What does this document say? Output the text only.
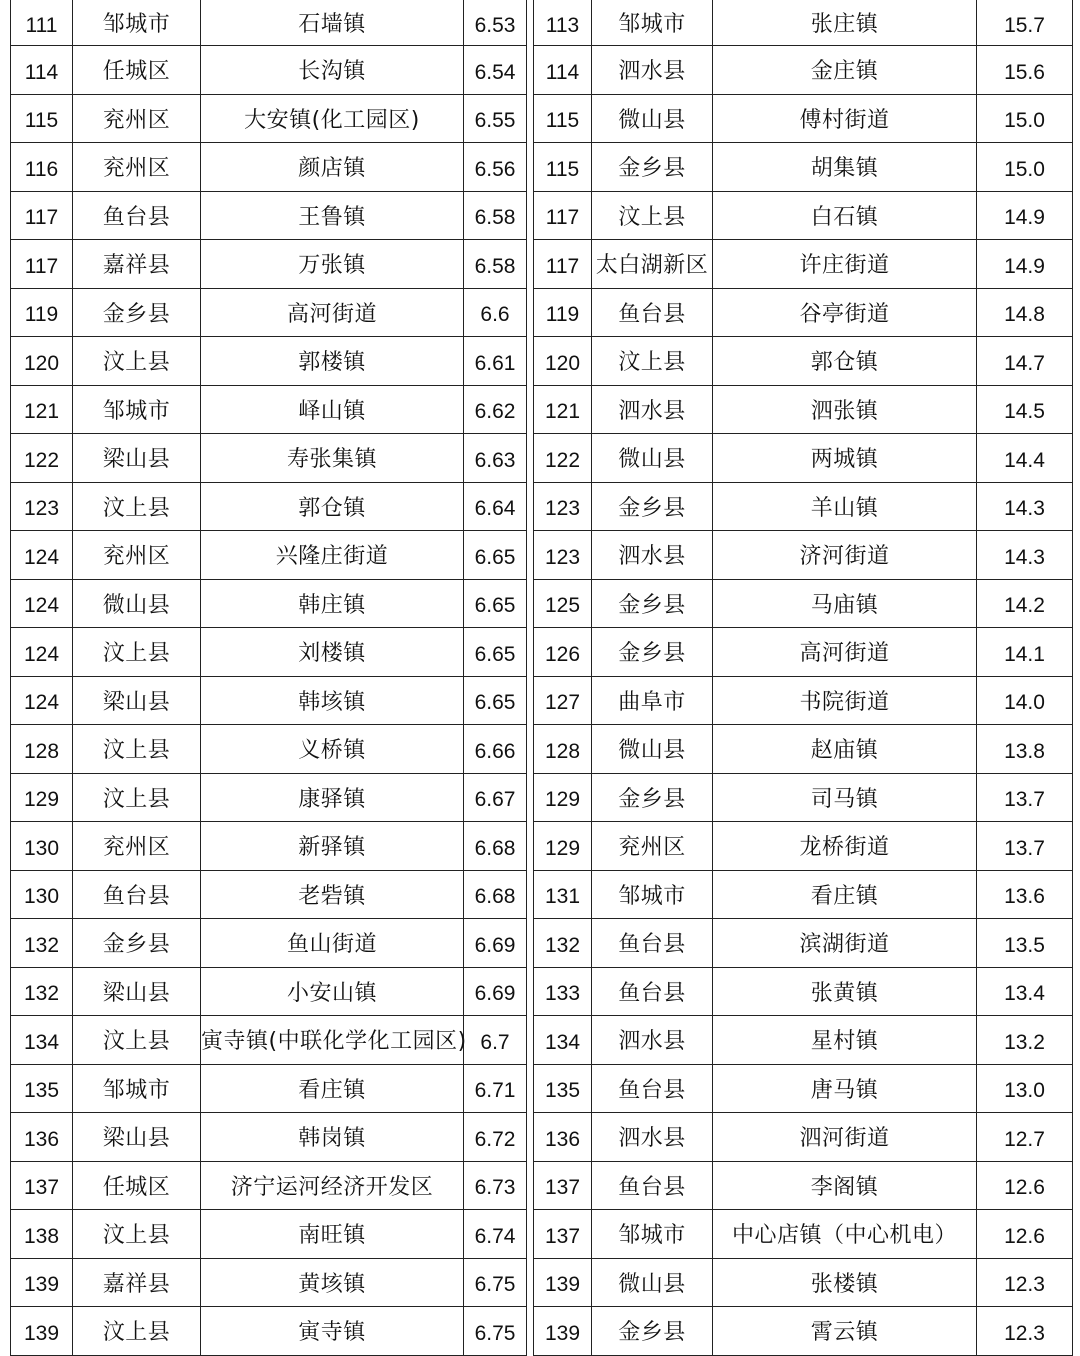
111	邹城市	石墙镇	6.53
114	任城区	长沟镇	6.54
115	兖州区	大安镇(化工园区)	6.55
116	兖州区	颜店镇	6.56
117	鱼台县	王鲁镇	6.58
117	嘉祥县	万张镇	6.58
119	金乡县	高河街道	6.6
120	汶上县	郭楼镇	6.61
121	邹城市	峄山镇	6.62
122	梁山县	寿张集镇	6.63
123	汶上县	郭仓镇	6.64
124	兖州区	兴隆庄街道	6.65
124	微山县	韩庄镇	6.65
124	汶上县	刘楼镇	6.65
124	梁山县	韩垓镇	6.65
128	汶上县	义桥镇	6.66
129	汶上县	康驿镇	6.67
130	兖州区	新驿镇	6.68
130	鱼台县	老砦镇	6.68
132	金乡县	鱼山街道	6.69
132	梁山县	小安山镇	6.69
134	汶上县	寅寺镇(中联化学化工园区)	6.7
135	邹城市	看庄镇	6.71
136	梁山县	韩岗镇	6.72
137	任城区	济宁运河经济开发区	6.73
138	汶上县	南旺镇	6.74
139	嘉祥县	黄垓镇	6.75
139	汶上县	寅寺镇	6.75
113	邹城市	张庄镇	15.7
114	泗水县	金庄镇	15.6
115	微山县	傅村街道	15.0
115	金乡县	胡集镇	15.0
117	汶上县	白石镇	14.9
117	太白湖新区	许庄街道	14.9
119	鱼台县	谷亭街道	14.8
120	汶上县	郭仓镇	14.7
121	泗水县	泗张镇	14.5
122	微山县	两城镇	14.4
123	金乡县	羊山镇	14.3
123	泗水县	济河街道	14.3
125	金乡县	马庙镇	14.2
126	金乡县	高河街道	14.1
127	曲阜市	书院街道	14.0
128	微山县	赵庙镇	13.8
129	金乡县	司马镇	13.7
129	兖州区	龙桥街道	13.7
131	邹城市	看庄镇	13.6
132	鱼台县	滨湖街道	13.5
133	鱼台县	张黄镇	13.4
134	泗水县	星村镇	13.2
135	鱼台县	唐马镇	13.0
136	泗水县	泗河街道	12.7
137	鱼台县	李阁镇	12.6
137	邹城市	中心店镇（中心机电）	12.6
139	微山县	张楼镇	12.3
139	金乡县	霄云镇	12.3
